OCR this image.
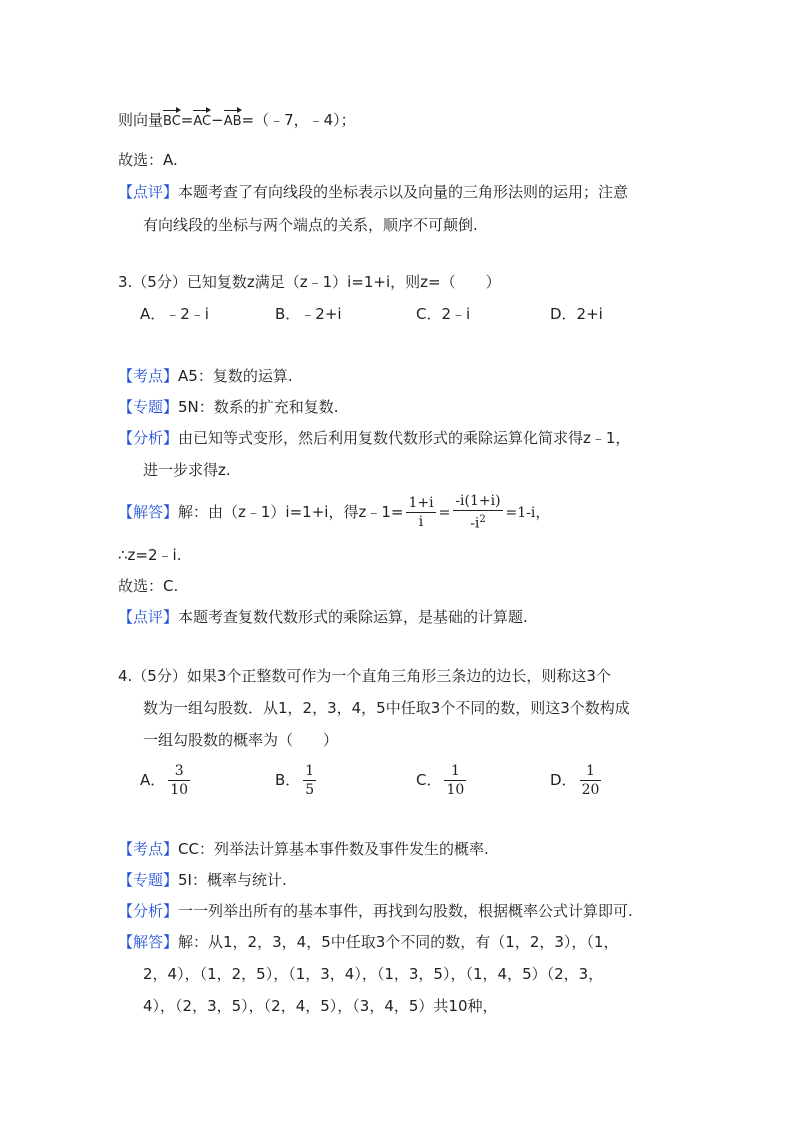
则向量BC=AC−AB=（﹣7，﹣4）；
故选：A.
【点评】本题考查了有向线段的坐标表示以及向量的三角形法则的运用；注意
有向线段的坐标与两个端点的关系，顺序不可颠倒.
3.（5分）已知复数z满足（z﹣1）i=1+i，则z=（　　）
A．﹣2﹣i	B．﹣2+i	C．2﹣i	D．2+i
【考点】A5：复数的运算.
【专题】5N：数系的扩充和复数.
【分析】由已知等式变形，然后利用复数代数形式的乘除运算化简求得z﹣1，
进一步求得z.
【解答】解：由（z﹣1）i=1+i，得z﹣1= $\frac{1+i}{i} = \frac{-i(1+i)}{-i^2} =1-i$，
∴z=2﹣i.
故选：C.
【点评】本题考查复数代数形式的乘除运算，是基础的计算题.
4.（5分）如果3个正整数可作为一个直角三角形三条边的边长，则称这3个
数为一组勾股数．从1，2，3，4，5中任取3个不同的数，则这3个数构成
一组勾股数的概率为（　　）
A． $\frac{3}{10}$	B． $\frac{1}{5}$	C． $\frac{1}{10}$	D． $\frac{1}{20}$
【考点】CC：列举法计算基本事件数及事件发生的概率.
【专题】5I：概率与统计.
【分析】一一列举出所有的基本事件，再找到勾股数，根据概率公式计算即可.
【解答】解：从1，2，3，4，5中任取3个不同的数，有（1，2，3），（1，
2，4），（1，2，5），（1，3，4），（1，3，5），（1，4，5）（2，3，
4），（2，3，5），（2，4，5），（3，4，5）共10种，
